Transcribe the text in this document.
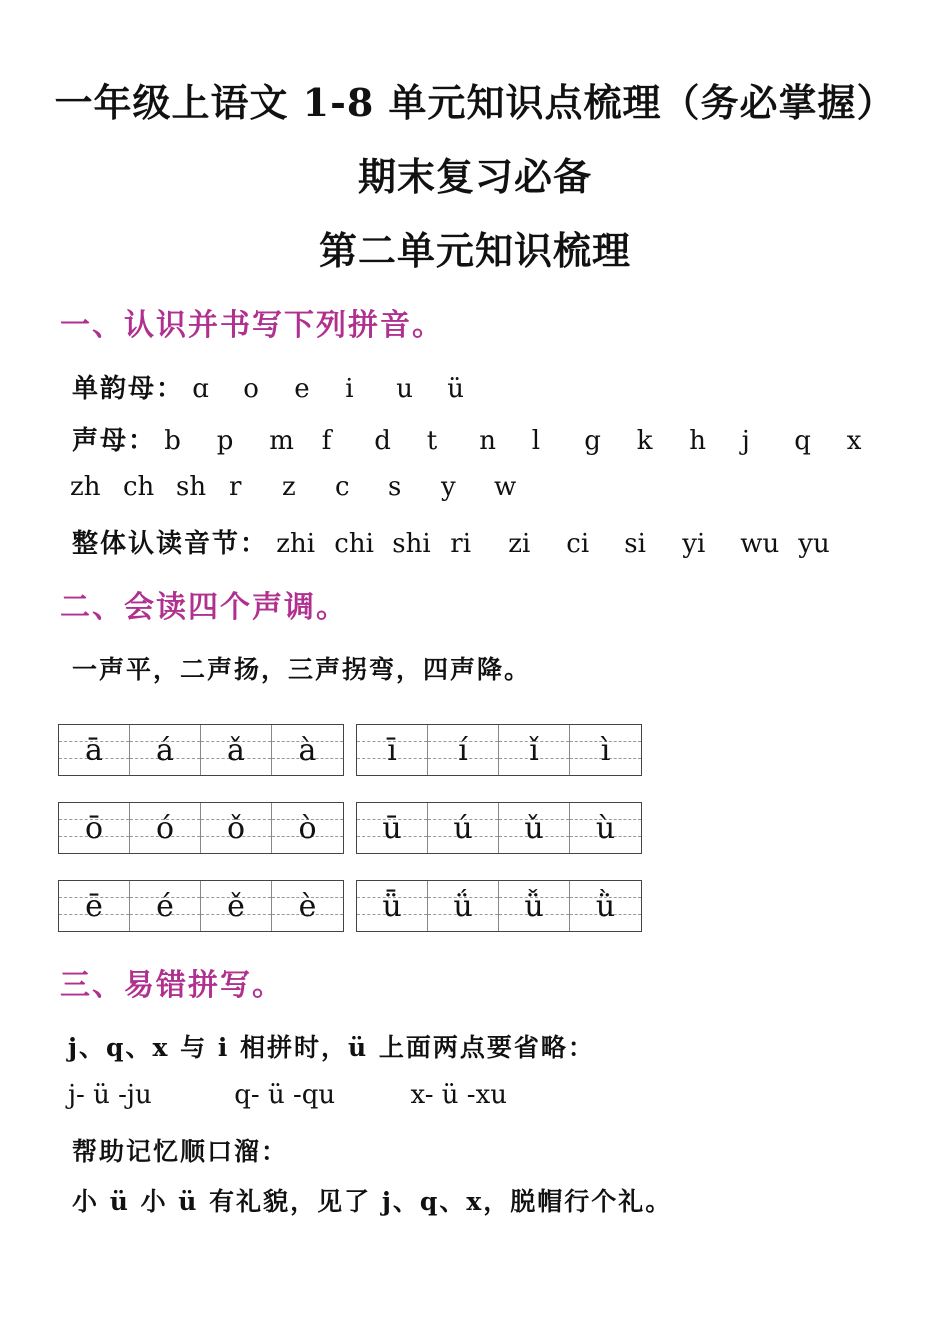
一年级上语文 1-8 单元知识点梳理（务必掌握）
期末复习必备
第二单元知识梳理
一、认识并书写下列拼音。
单韵母： ɑ o e i u ü
声母： b p m f d t n l g k h j q x
zh ch sh r z c s y w
整体认读音节： zhi chi shi ri zi ci si yi wu yu
二、会读四个声调。
一声平，二声扬，三声拐弯，四声降。
ā á ǎ à ī í ǐ ì
ō ó ǒ ò ū ú ǔ ù
ē é ě è ǖ ǘ ǚ ǜ
三、易错拼写。
j、q、x 与 i 相拼时，ü 上面两点要省略：
j- ü -ju	q- ü -qu	x- ü -xu
帮助记忆顺口溜：
小 ü 小 ü 有礼貌，见了 j、q、x，脱帽行个礼。
